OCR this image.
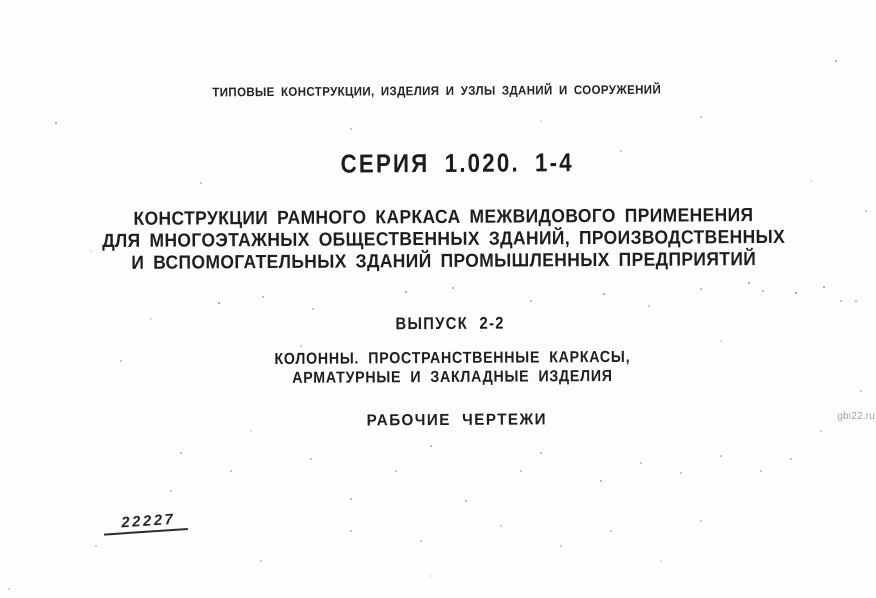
ТИПОВЫЕ КОНСТРУКЦИИ, ИЗДЕЛИЯ И УЗЛЫ ЗДАНИЙ И СООРУЖЕНИЙ
СЕРИЯ 1.020. 1-4
КОНСТРУКЦИИ РАМНОГО КАРКАСА МЕЖВИДОВОГО ПРИМЕНЕНИЯ
ДЛЯ МНОГОЭТАЖНЫХ ОБЩЕСТВЕННЫХ ЗДАНИЙ, ПРОИЗВОДСТВЕННЫХ
И ВСПОМОГАТЕЛЬНЫХ ЗДАНИЙ ПРОМЫШЛЕННЫХ ПРЕДПРИЯТИЙ
ВЫПУСК 2-2
КОЛОННЫ. ПРОСТРАНСТВЕННЫЕ КАРКАСЫ,
АРМАТУРНЫЕ И ЗАКЛАДНЫЕ ИЗДЕЛИЯ
РАБОЧИЕ ЧЕРТЕЖИ
22227
gbi22.ru
